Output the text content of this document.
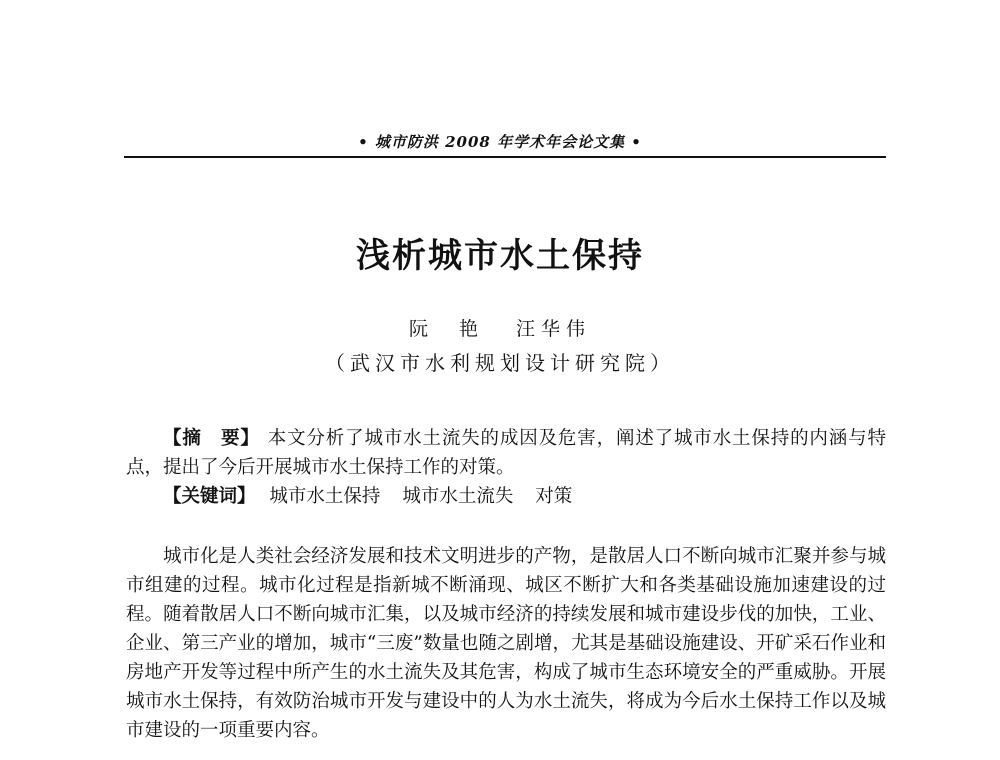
• 城市防洪 2008 年学术年会论文集 •
浅析城市水土保持
阮　艳 汪华伟
（武汉市水利规划设计研究院）
【摘　要】 本文分析了城市水土流失的成因及危害，阐述了城市水土保持的内涵与特点，提出了今后开展城市水土保持工作的对策。
【关键词】 城市水土保持 城市水土流失 对策
城市化是人类社会经济发展和技术文明进步的产物，是散居人口不断向城市汇聚并参与城市组建的过程。城市化过程是指新城不断涌现、城区不断扩大和各类基础设施加速建设的过程。随着散居人口不断向城市汇集，以及城市经济的持续发展和城市建设步伐的加快，工业、企业、第三产业的增加，城市“三废”数量也随之剧增，尤其是基础设施建设、开矿采石作业和房地产开发等过程中所产生的水土流失及其危害，构成了城市生态环境安全的严重威胁。开展城市水土保持，有效防治城市开发与建设中的人为水土流失，将成为今后水土保持工作以及城市建设的一项重要内容。
